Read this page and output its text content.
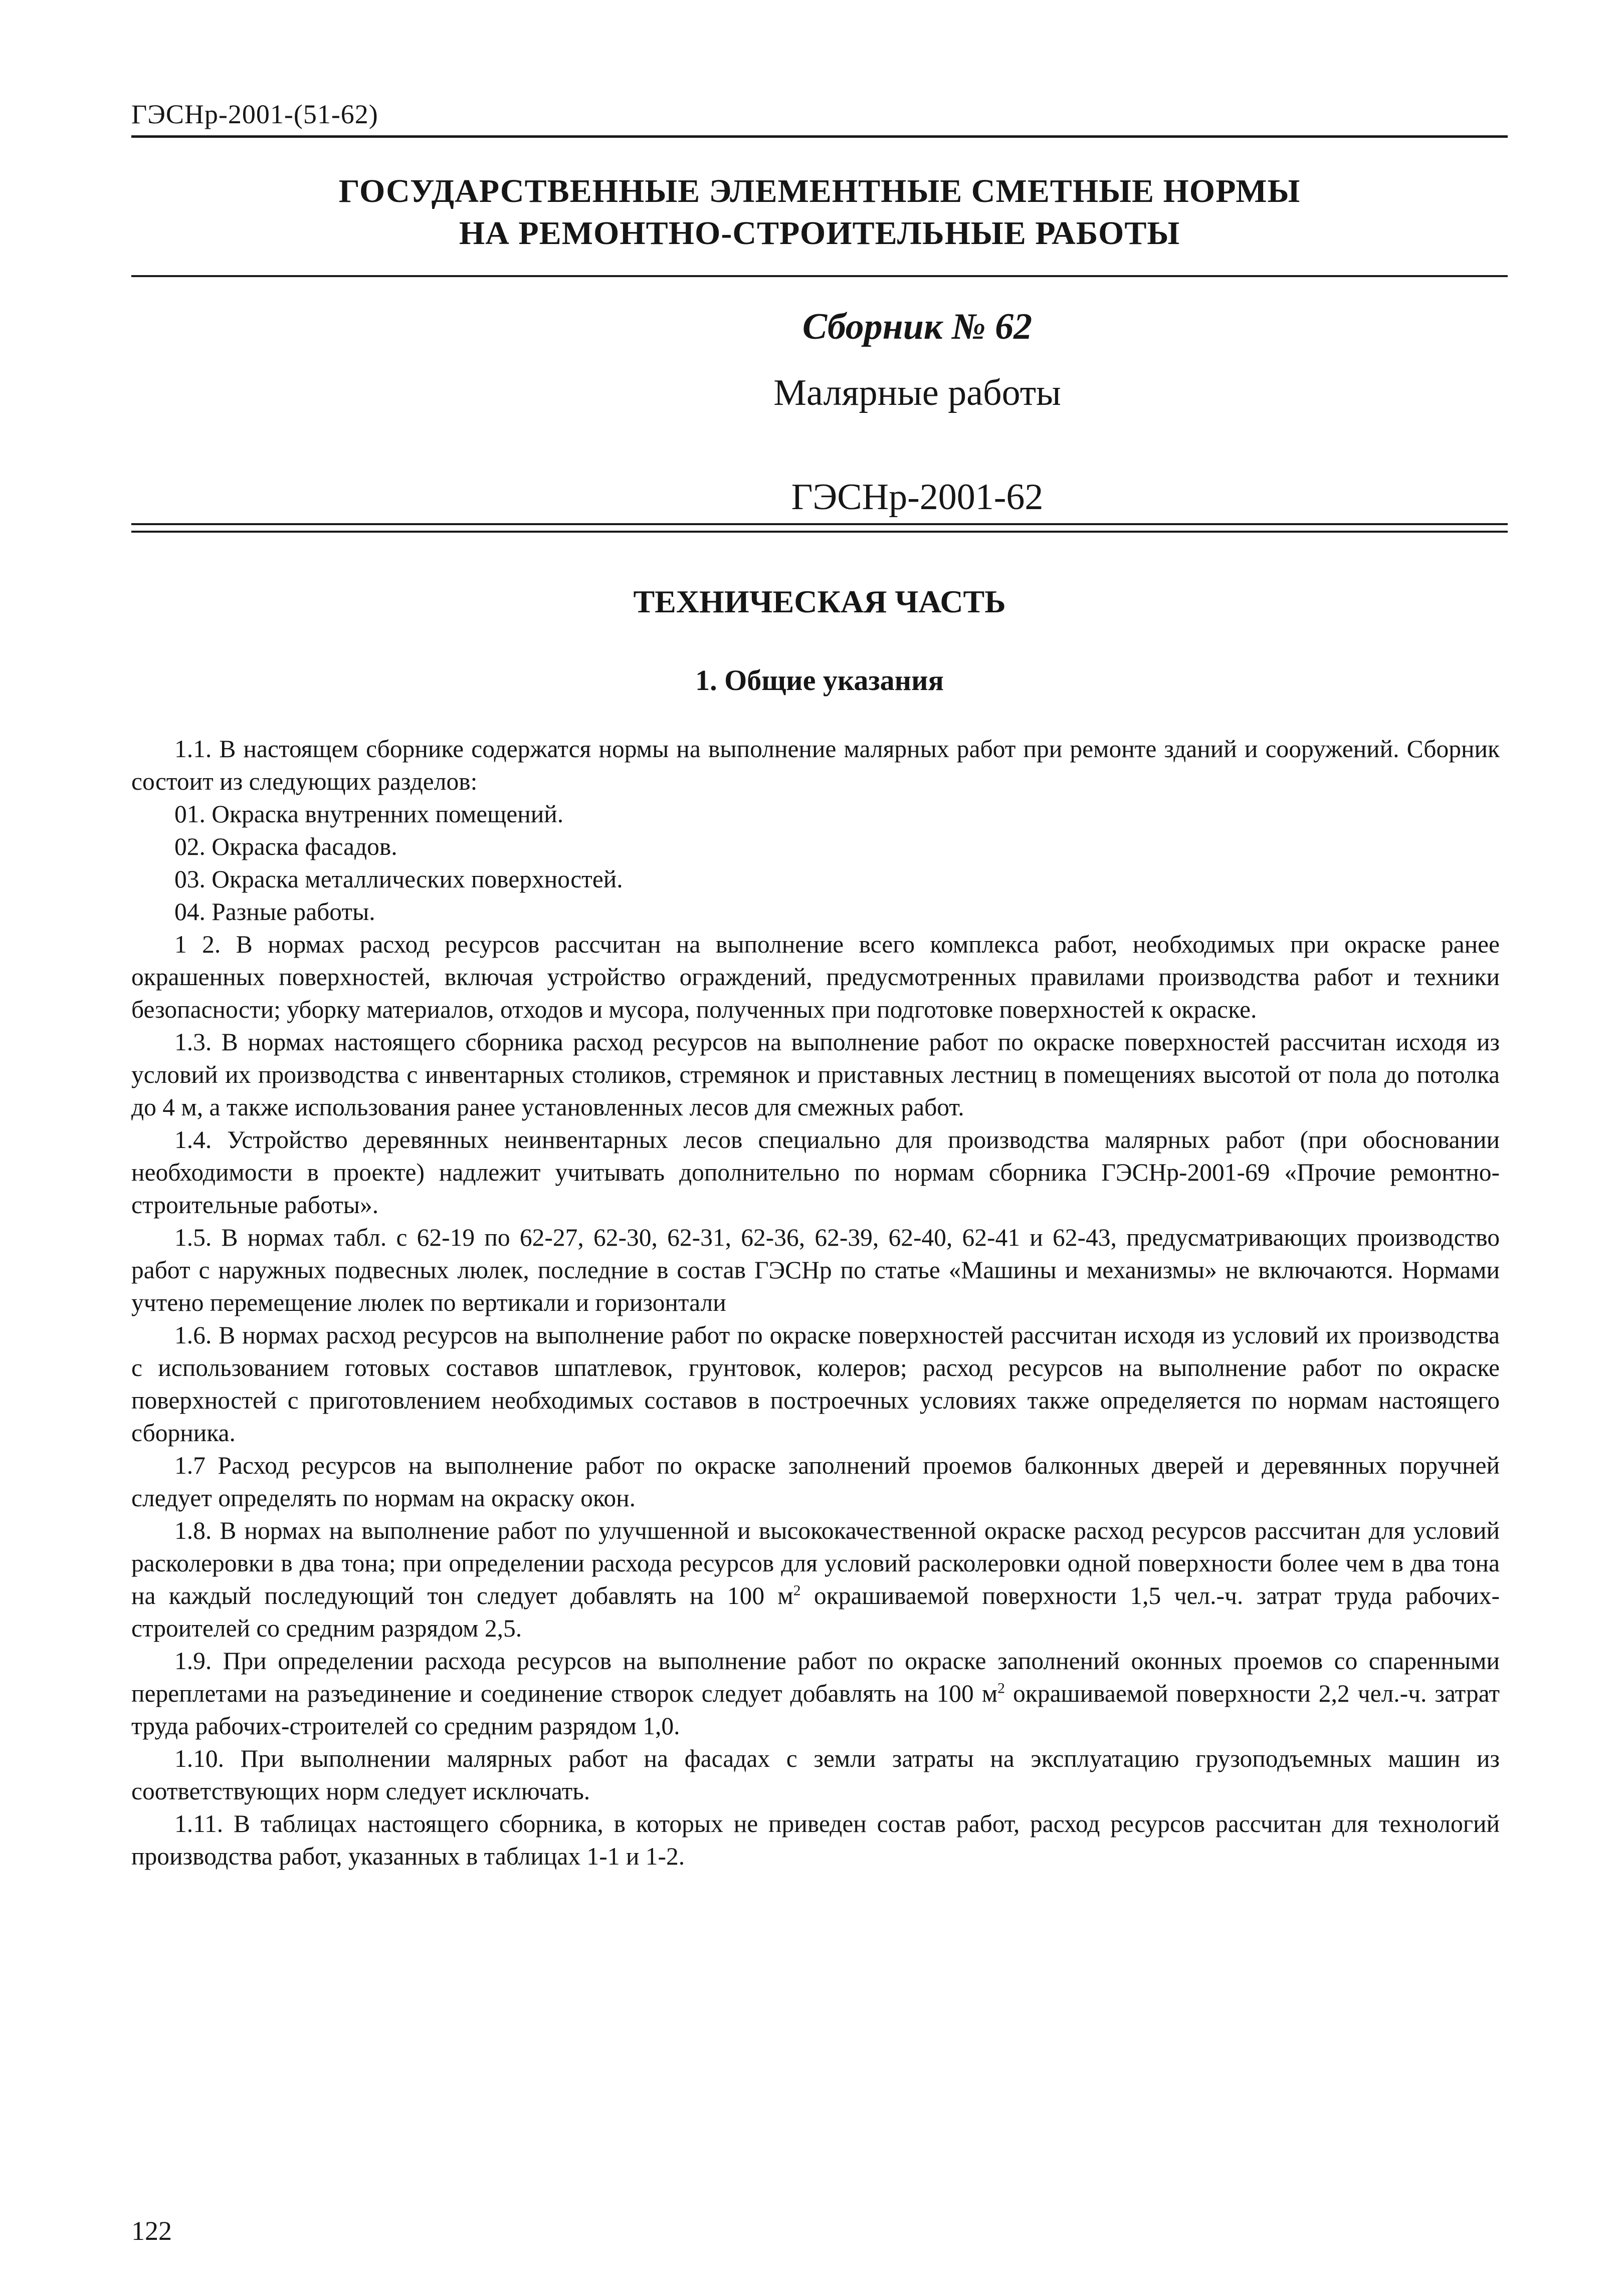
ГЭСНр-2001-(51-62)
ГОСУДАРСТВЕННЫЕ ЭЛЕМЕНТНЫЕ СМЕТНЫЕ НОРМЫ
НА РЕМОНТНО-СТРОИТЕЛЬНЫЕ РАБОТЫ
Сборник № 62
Малярные работы
ГЭСНр-2001-62
ТЕХНИЧЕСКАЯ ЧАСТЬ
1. Общие указания

1.1. В настоящем сборнике содержатся нормы на выполнение малярных работ при ремонте зданий и сооружений. Сборник состоит из следующих разделов:

01. Окраска внутренних помещений.

02. Окраска фасадов.

03. Окраска металлических поверхностей.

04. Разные работы.

1 2. В нормах расход ресурсов рассчитан на выполнение всего комплекса работ, необходимых при окраске ранее окрашенных поверхностей, включая устройство ограждений, предусмотренных правилами производства работ и техники безопасности; уборку материалов, отходов и мусора, полученных при подготовке поверхностей к окраске.

1.3. В нормах настоящего сборника расход ресурсов на выполнение работ по окраске поверхностей рассчитан исходя из условий их производства с инвентарных столиков, стремянок и приставных лестниц в помещениях высотой от пола до потолка до 4 м, а также использования ранее установленных лесов для смежных работ.

1.4. Устройство деревянных неинвентарных лесов специально для производства малярных работ (при обосновании необходимости в проекте) надлежит учитывать дополнительно по нормам сборника ГЭСНр-2001-69 «Прочие ремонтно-строительные работы».

1.5. В нормах табл. с 62-19 по 62-27, 62-30, 62-31, 62-36, 62-39, 62-40, 62-41 и 62-43, предусматривающих производство работ с наружных подвесных люлек, последние в состав ГЭСНр по статье «Машины и механизмы» не включаются. Нормами учтено перемещение люлек по вертикали и горизонтали

1.6. В нормах расход ресурсов на выполнение работ по окраске поверхностей рассчитан исходя из условий их производства с использованием готовых составов шпатлевок, грунтовок, колеров; расход ресурсов на выполнение работ по окраске поверхностей с приготовлением необходимых составов в построечных условиях также определяется по нормам настоящего сборника.

1.7 Расход ресурсов на выполнение работ по окраске заполнений проемов балконных дверей и деревянных поручней следует определять по нормам на окраску окон.

1.8. В нормах на выполнение работ по улучшенной и высококачественной окраске расход ресурсов рассчитан для условий расколеровки в два тона; при определении расхода ресурсов для условий расколеровки одной поверхности более чем в два тона на каждый последующий тон следует добавлять на 100 $м^2$ окрашиваемой поверхности 1,5 чел.-ч. затрат труда рабочих-строителей со средним разрядом 2,5.

1.9. При определении расхода ресурсов на выполнение работ по окраске заполнений оконных проемов со спаренными переплетами на разъединение и соединение створок следует добавлять на 100 $м^2$ окрашиваемой поверхности 2,2 чел.-ч. затрат труда рабочих-строителей со средним разрядом 1,0.

1.10. При выполнении малярных работ на фасадах с земли затраты на эксплуатацию грузоподъемных машин из соответствующих норм следует исключать.

1.11. В таблицах настоящего сборника, в которых не приведен состав работ, расход ресурсов рассчитан для технологий производства работ, указанных в таблицах 1-1 и 1-2.

122
